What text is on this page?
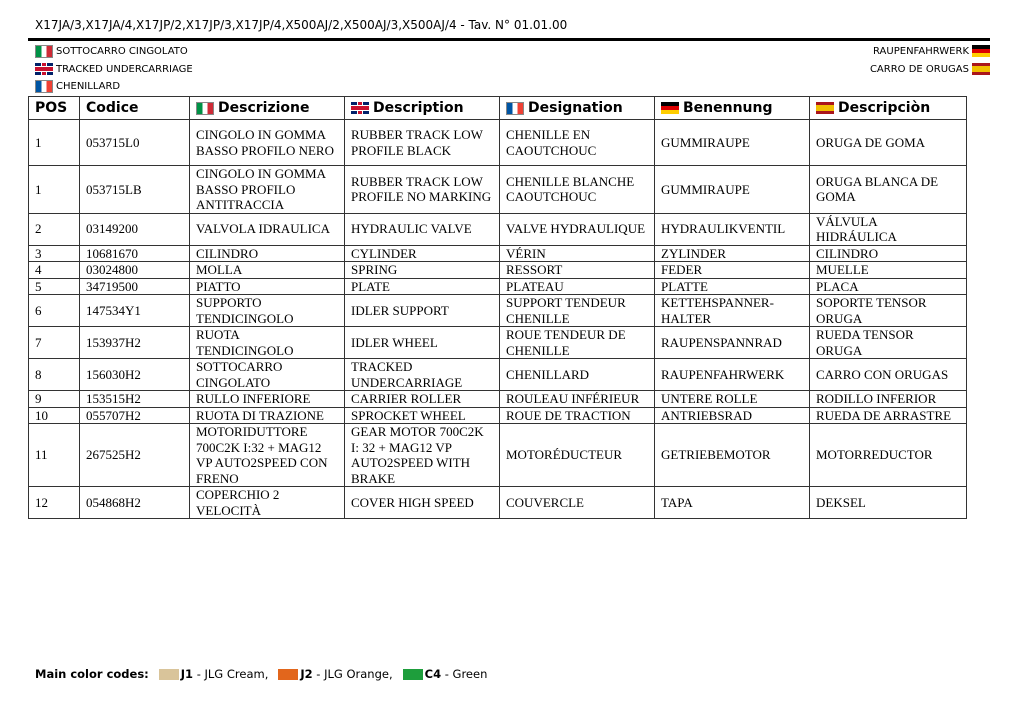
X17JA/3,X17JA/4,X17JP/2,X17JP/3,X17JP/4,X500AJ/2,X500AJ/3,X500AJ/4 - Tav. N° 01.01.00
SOTTOCARRO CINGOLATO
TRACKED UNDERCARRIAGE
CHENILLARD
RAUPENFAHRWERK
CARRO DE ORUGAS
POS	Codice	Descrizione	Description	Designation	Benennung	Descripciòn
1	053715L0	CINGOLO IN GOMMA BASSO PROFILO NERO	RUBBER TRACK LOW PROFILE BLACK	CHENILLE EN CAOUTCHOUC	GUMMIRAUPE	ORUGA DE GOMA
1	053715LB	CINGOLO IN GOMMA BASSO PROFILO ANTITRACCIA	RUBBER TRACK LOW PROFILE NO MARKING	CHENILLE BLANCHE CAOUTCHOUC	GUMMIRAUPE	ORUGA BLANCA DE GOMA
2	03149200	VALVOLA IDRAULICA	HYDRAULIC VALVE	VALVE HYDRAULIQUE	HYDRAULIKVENTIL	VÁLVULA HIDRÁULICA
3	10681670	CILINDRO	CYLINDER	VÉRIN	ZYLINDER	CILINDRO
4	03024800	MOLLA	SPRING	RESSORT	FEDER	MUELLE
5	34719500	PIATTO	PLATE	PLATEAU	PLATTE	PLACA
6	147534Y1	SUPPORTO TENDICINGOLO	IDLER SUPPORT	SUPPORT TENDEUR CHENILLE	KETTEHSPANNER-HALTER	SOPORTE TENSOR ORUGA
7	153937H2	RUOTA TENDICINGOLO	IDLER WHEEL	ROUE TENDEUR DE CHENILLE	RAUPENSPANNRAD	RUEDA TENSOR ORUGA
8	156030H2	SOTTOCARRO CINGOLATO	TRACKED UNDERCARRIAGE	CHENILLARD	RAUPENFAHRWERK	CARRO CON ORUGAS
9	153515H2	RULLO INFERIORE	CARRIER ROLLER	ROULEAU INFÉRIEUR	UNTERE ROLLE	RODILLO INFERIOR
10	055707H2	RUOTA DI TRAZIONE	SPROCKET WHEEL	ROUE DE TRACTION	ANTRIEBSRAD	RUEDA DE ARRASTRE
11	267525H2	MOTORIDUTTORE 700C2K I:32 + MAG12 VP AUTO2SPEED CON FRENO	GEAR MOTOR 700C2K I: 32 + MAG12 VP AUTO2SPEED WITH BRAKE	MOTORÉDUCTEUR	GETRIEBEMOTOR	MOTORREDUCTOR
12	054868H2	COPERCHIO 2 VELOCITÀ	COVER HIGH SPEED	COUVERCLE	TAPA	DEKSEL
Main color codes:	J1 - JLG Cream,	J2 - JLG Orange,	C4 - Green
